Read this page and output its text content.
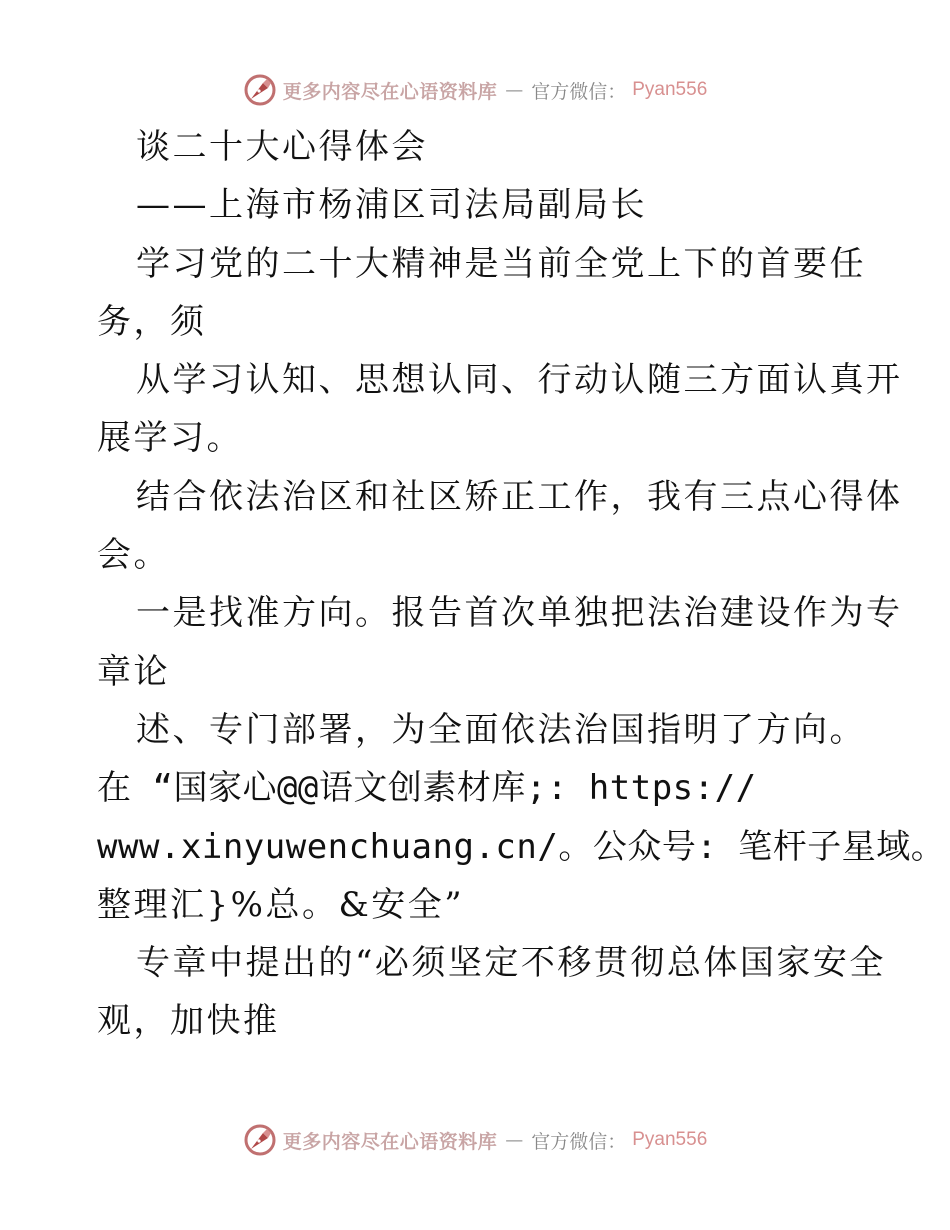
更多内容尽在心语资料库 — 官方微信： Pyan556
谈二十大心得体会
——上海市杨浦区司法局副局长
学习党的二十大精神是当前全党上下的首要任
务，须
从学习认知、思想认同、行动认随三方面认真开
展学习。
结合依法治区和社区矫正工作，我有三点心得体
会。
一是找准方向。报告首次单独把法治建设作为专
章论
述、专门部署，为全面依法治国指明了方向。
在 “国家心@@语文创素材库;: https://
www.xinyuwenchuang.cn/。公众号: 笔杆子星域。
整理汇}%总。&安全”
专章中提出的“必须坚定不移贯彻总体国家安全
观，加快推
更多内容尽在心语资料库 — 官方微信： Pyan556
